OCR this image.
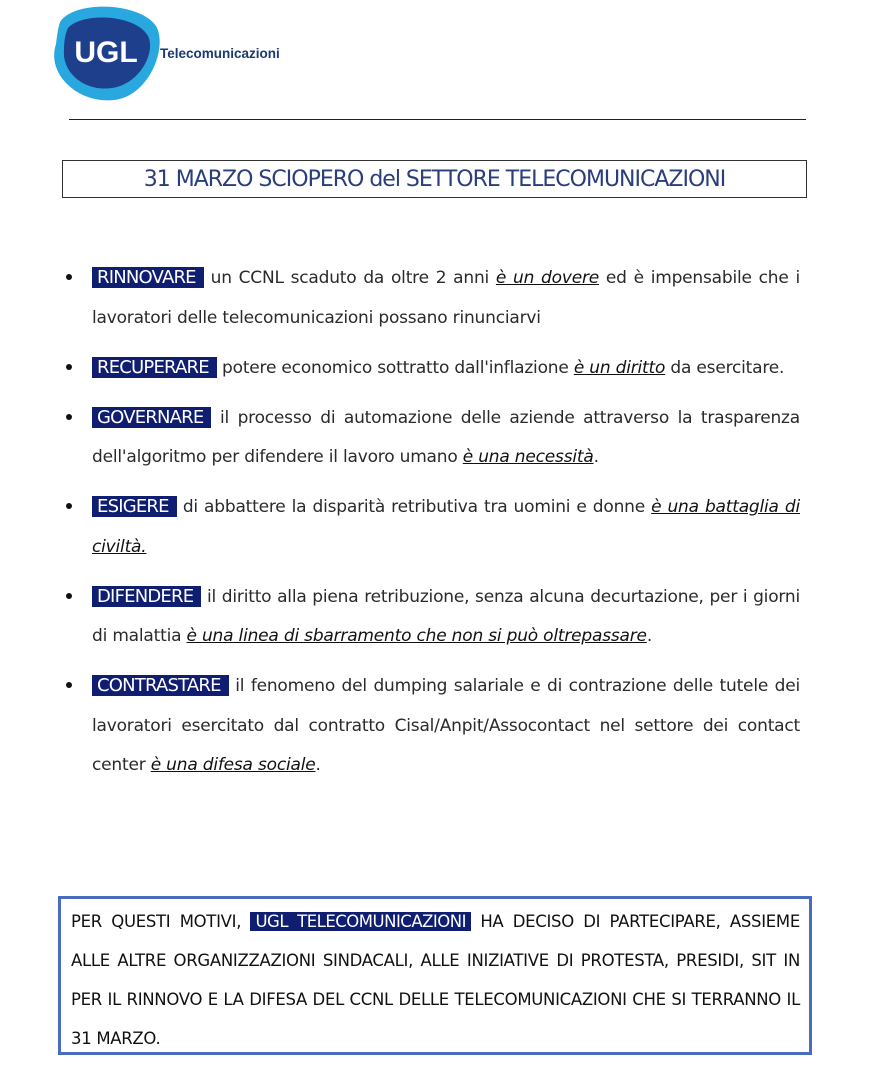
UGL Telecomunicazioni
31 MARZO SCIOPERO del SETTORE TELECOMUNICAZIONI
RINNOVARE un CCNL scaduto da oltre 2 anni è un dovere ed è impensabile che i lavoratori delle telecomunicazioni possano rinunciarvi
RECUPERARE potere economico sottratto dall'inflazione è un diritto da esercitare.
GOVERNARE il processo di automazione delle aziende attraverso la trasparenza dell'algoritmo per difendere il lavoro umano è una necessità.
ESIGERE di abbattere la disparità retributiva tra uomini e donne è una battaglia di civiltà.
DIFENDERE il diritto alla piena retribuzione, senza alcuna decurtazione, per i giorni di malattia è una linea di sbarramento che non si può oltrepassare.
CONTRASTARE il fenomeno del dumping salariale e di contrazione delle tutele dei lavoratori esercitato dal contratto Cisal/Anpit/Assocontact nel settore dei contact center è una difesa sociale.
PER QUESTI MOTIVI, UGL TELECOMUNICAZIONI HA DECISO DI PARTECIPARE, ASSIEME ALLE ALTRE ORGANIZZAZIONI SINDACALI, ALLE INIZIATIVE DI PROTESTA, PRESIDI, SIT IN PER IL RINNOVO E LA DIFESA DEL CCNL DELLE TELECOMUNICAZIONI CHE SI TERRANNO IL 31 MARZO.
